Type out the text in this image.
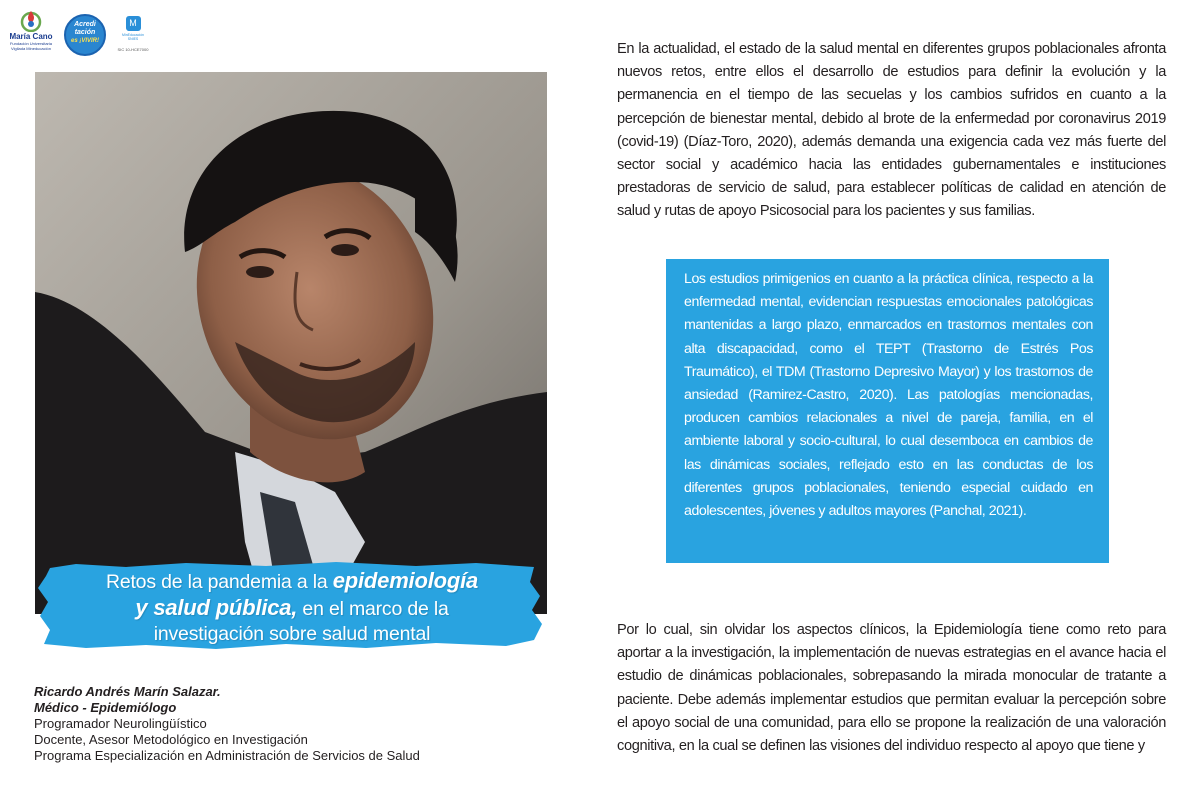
María Cano
Fundación Universitaria
Vigilada Mineducación
Acredi
tación
es ¡VIVIR!
M
MinEducación
SNIES
SIC 10-HCE7000
Retos de la pandemia a la epidemiología
y salud pública, en el marco de la
investigación sobre salud mental
Ricardo Andrés Marín Salazar.
Médico - Epidemiólogo
Programador Neurolingüístico
Docente, Asesor Metodológico en Investigación
Programa Especialización en Administración de Servicios de Salud

En la actualidad, el estado de la salud mental en diferentes grupos poblacionales afronta nuevos retos, entre ellos el desarrollo de estudios para definir la evolución y la permanencia en el tiempo de las secuelas y los cambios sufridos en cuanto a la percepción de bienestar mental, debido al brote de la enfermedad por coronavirus 2019 (covid-19) (Díaz-Toro, 2020), además demanda una exigencia cada vez más fuerte del sector social y académico hacia las entidades gubernamentales e instituciones prestadoras de servicio de salud, para establecer políticas de calidad en atención de salud y rutas de apoyo Psicosocial para los pacientes y sus familias.

Los estudios primigenios en cuanto a la práctica clínica, respecto a la enfermedad mental, evidencian respuestas emocionales patológicas mantenidas a largo plazo, enmarcados en trastornos mentales con alta discapacidad, como el TEPT (Trastorno de Estrés Pos Traumático), el TDM (Trastorno Depresivo Mayor) y los trastornos de ansiedad (Ramirez-Castro, 2020). Las patologías mencionadas, producen cambios relacionales a nivel de pareja, familia, en el ambiente laboral y socio-cultural, lo cual desemboca en cambios de las dinámicas sociales, reflejado esto en las conductas de los diferentes grupos poblacionales, teniendo especial cuidado en adolescentes, jóvenes y adultos mayores (Panchal, 2021).

Por lo cual, sin olvidar los aspectos clínicos, la Epidemiología tiene como reto para aportar a la investigación, la implementación de nuevas estrategias en el avance hacia el estudio de dinámicas poblacionales, sobrepasando la mirada monocular de tratante a paciente. Debe además implementar estudios que permitan evaluar la percepción sobre el apoyo social de una comunidad, para ello se propone la realización de una valoración cognitiva, en la cual se definen las visiones del individuo respecto al apoyo que tiene y
